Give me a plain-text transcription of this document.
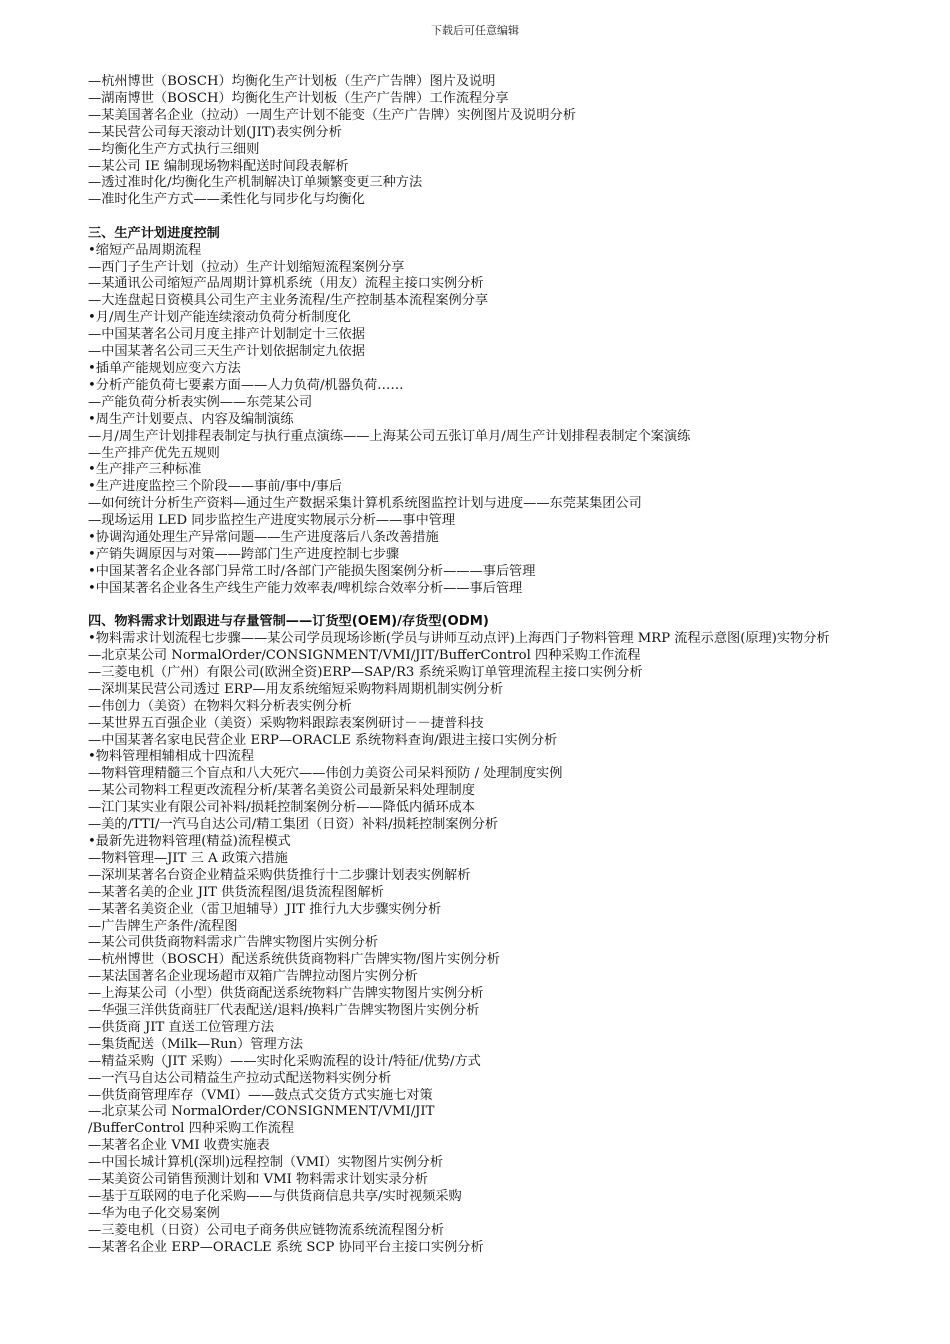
下载后可任意编辑
—杭州博世（BOSCH）均衡化生产计划板（生产广告牌）图片及说明
—湖南博世（BOSCH）均衡化生产计划板（生产广告牌）工作流程分享
—某美国著名企业（拉动）一周生产计划不能变（生产广告牌）实例图片及说明分析
—某民营公司每天滚动计划(JIT)表实例分析
—均衡化生产方式执行三细则
—某公司 IE 编制现场物料配送时间段表解析
—透过准时化/均衡化生产机制解决订单频繁变更三种方法
—准时化生产方式——柔性化与同步化与均衡化
三、生产计划进度控制
•缩短产品周期流程
—西门子生产计划（拉动）生产计划缩短流程案例分享
—某通讯公司缩短产品周期计算机系统（用友）流程主接口实例分析
—大连盘起日资模具公司生产主业务流程/生产控制基本流程案例分享
•月/周生产计划产能连续滚动负荷分析制度化
—中国某著名公司月度主排产计划制定十三依据
—中国某著名公司三天生产计划依据制定九依据
•插单产能规划应变六方法
•分析产能负荷七要素方面——人力负荷/机器负荷……
—产能负荷分析表实例——东莞某公司
•周生产计划要点、内容及编制演练
—月/周生产计划排程表制定与执行重点演练——上海某公司五张订单月/周生产计划排程表制定个案演练
—生产排产优先五规则
•生产排产三种标准
•生产进度监控三个阶段——事前/事中/事后
—如何统计分析生产资料—通过生产数据采集计算机系统图监控计划与进度——东莞某集团公司
—现场运用 LED 同步监控生产进度实物展示分析——事中管理
•协调沟通处理生产异常问题——生产进度落后八条改善措施
•产销失调原因与对策——跨部门生产进度控制七步骤
•中国某著名企业各部门异常工时/各部门产能损失图案例分析———事后管理
•中国某著名企业各生产线生产能力效率表/啤机综合效率分析——事后管理
四、物料需求计划跟进与存量管制——订货型(OEM)/存货型(ODM)
•物料需求计划流程七步骤——某公司学员现场诊断(学员与讲师互动点评)上海西门子物料管理 MRP 流程示意图(原理)实物分析
—北京某公司 NormalOrder/CONSIGNMENT/VMI/JIT/BufferControl 四种采购工作流程
—三菱电机（广州）有限公司(欧洲全资)ERP—SAP/R3 系统采购订单管理流程主接口实例分析
—深圳某民营公司透过 ERP—用友系统缩短采购物料周期机制实例分析
—伟创力（美资）在物料欠料分析表实例分析
—某世界五百强企业（美资）采购物料跟踪表案例研讨－－捷普科技
—中国某著名家电民营企业 ERP—ORACLE 系统物料查询/跟进主接口实例分析
•物料管理相辅相成十四流程
—物料管理精髓三个盲点和八大死穴——伟创力美资公司呆料预防 / 处理制度实例
—某公司物料工程更改流程分析/某著名美资公司最新呆料处理制度
—江门某实业有限公司补料/损耗控制案例分析——降低内循环成本
—美的/TTI/一汽马自达公司/精工集团（日资）补料/损耗控制案例分析
•最新先进物料管理(精益)流程模式
—物料管理—JIT 三 A 政策六措施
—深圳某著名台资企业精益采购供货推行十二步骤计划表实例解析
—某著名美的企业 JIT 供货流程图/退货流程图解析
—某著名美资企业（雷卫旭辅导）JIT 推行九大步骤实例分析
—广告牌生产条件/流程图
—某公司供货商物料需求广告牌实物图片实例分析
—杭州博世（BOSCH）配送系统供货商物料广告牌实物/图片实例分析
—某法国著名企业现场超市双箱广告牌拉动图片实例分析
—上海某公司（小型）供货商配送系统物料广告牌实物图片实例分析
—华强三洋供货商驻厂代表配送/退料/换料广告牌实物图片实例分析
—供货商 JIT 直送工位管理方法
—集货配送（Milk—Run）管理方法
—精益采购（JIT 采购）——实时化采购流程的设计/特征/优势/方式
—一汽马自达公司精益生产拉动式配送物料实例分析
—供货商管理库存（VMI）——鼓点式交货方式实施七对策
—北京某公司 NormalOrder/CONSIGNMENT/VMI/JIT
/BufferControl 四种采购工作流程
—某著名企业 VMI 收费实施表
—中国长城计算机(深圳)远程控制（VMI）实物图片实例分析
—某美资公司销售预测计划和 VMI 物料需求计划实录分析
—基于互联网的电子化采购——与供货商信息共享/实时视频采购
—华为电子化交易案例
—三菱电机（日资）公司电子商务供应链物流系统流程图分析
—某著名企业 ERP—ORACLE 系统 SCP 协同平台主接口实例分析
